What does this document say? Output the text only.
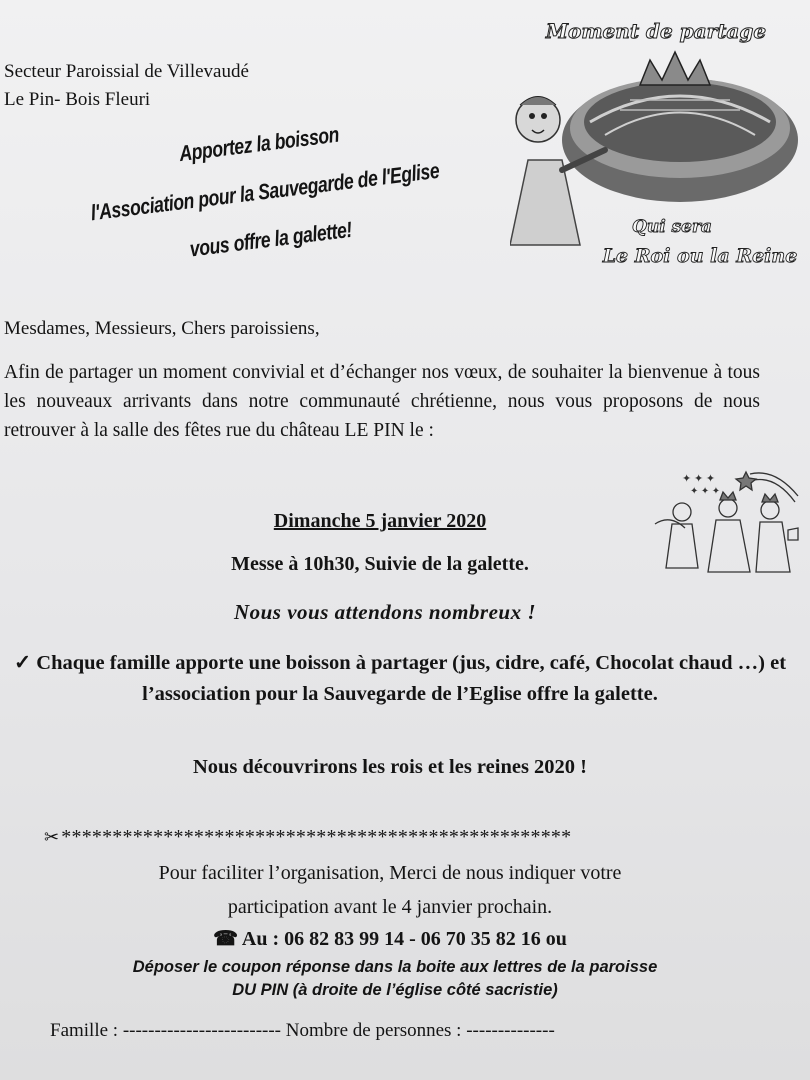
Secteur Paroissial de Villevaudé
Le Pin- Bois Fleuri
Apportez la boisson
l'Association pour la Sauvegarde de l'Eglise
vous offre la galette!
Moment de partage
Qui sera
Le Roi ou la Reine
Mesdames, Messieurs, Chers paroissiens,
Afin de partager un moment convivial et d’échanger nos vœux, de souhaiter la bienvenue à tous les nouveaux arrivants dans notre communauté chrétienne, nous vous proposons de nous retrouver à la salle des fêtes rue du château LE PIN le :
✦ ✦ ✦
✦ ✦ ✦
Dimanche 5 janvier 2020
Messe à 10h30, Suivie de la galette.
Nous vous attendons nombreux !
✓ Chaque famille apporte une boisson à partager (jus, cidre, café, Chocolat chaud …) et l’association pour la Sauvegarde de l’Eglise offre la galette.
Nous découvrirons les rois et les reines 2020 !
✂ **************************************************
Pour faciliter l’organisation, Merci de nous indiquer votre
participation avant le 4 janvier prochain.
☎ Au : 06 82 83 99 14 - 06 70 35 82 16 ou
Déposer le coupon réponse dans la boite aux lettres de la paroisse
DU PIN (à droite de l’église côté sacristie)
Famille : ------------------------- Nombre de personnes : --------------
